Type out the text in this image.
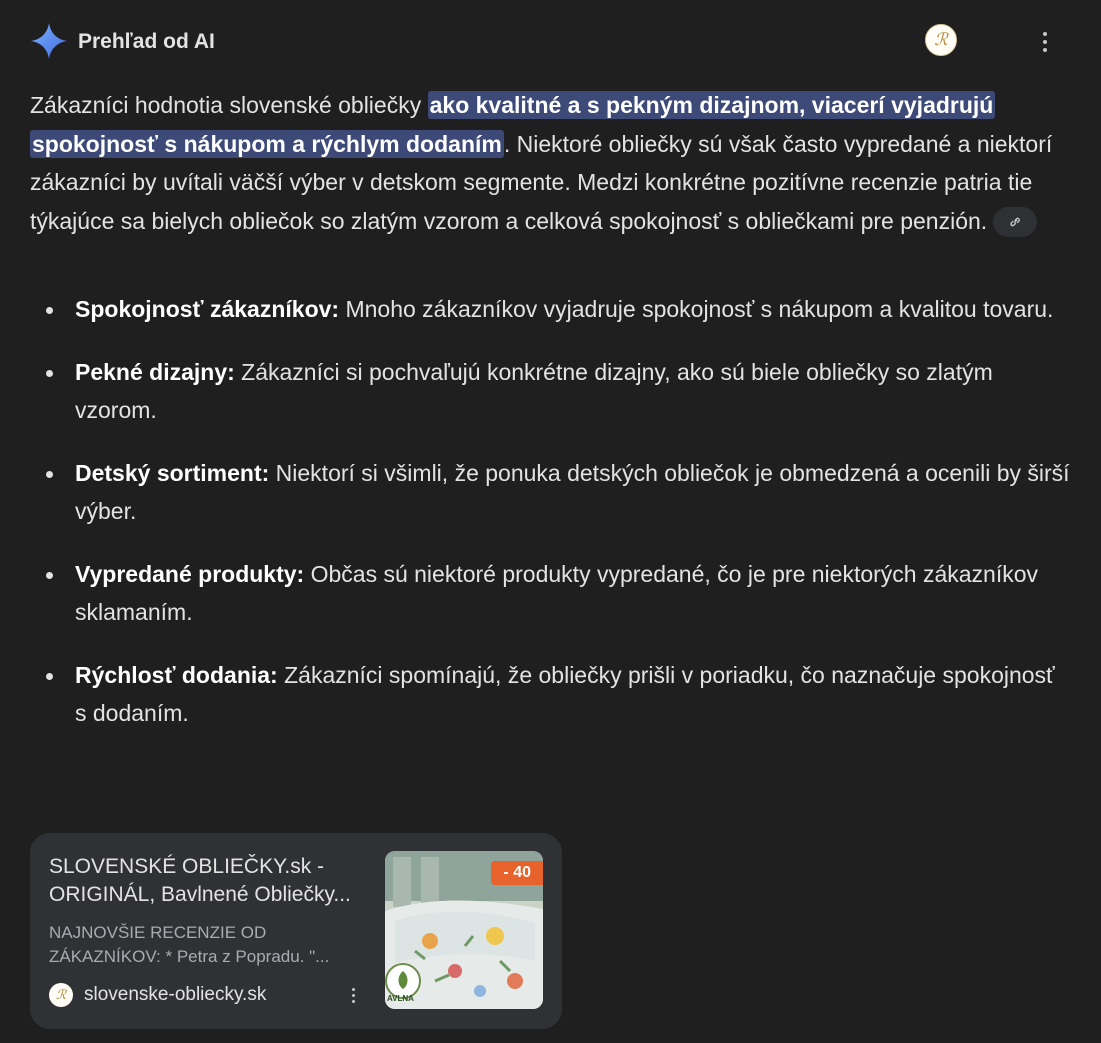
Prehľad od AI	ℛ

Zákazníci hodnotia slovenské obliečky ako kvalitné a s pekným dizajnom, viacerí vyjadrujú spokojnosť s nákupom a rýchlym dodaním. Niektoré obliečky sú však často vypredané a niektorí zákazníci by uvítali väčší výber v detskom segmente. Medzi konkrétne pozitívne recenzie patria tie týkajúce sa bielych obliečok so zlatým vzorom a celková spokojnosť s obliečkami pre penzión.

Spokojnosť zákazníkov: Mnoho zákazníkov vyjadruje spokojnosť s nákupom a kvalitou tovaru.
Pekné dizajny: Zákazníci si pochvaľujú konkrétne dizajny, ako sú biele obliečky so zlatým vzorom.
Detský sortiment: Niektorí si všimli, že ponuka detských obliečok je obmedzená a ocenili by širší výber.
Vypredané produkty: Občas sú niektoré produkty vypredané, čo je pre niektorých zákazníkov sklamaním.
Rýchlosť dodania: Zákazníci spomínajú, že obliečky prišli v poriadku, čo naznačuje spokojnosť s dodaním.
SLOVENSKÉ OBLIEČKY.sk - ORIGINÁL, Bavlnené Obliečky...
NAJNOVŠIE RECENZIE OD ZÁKAZNÍKOV: * Petra z Popradu. "...
ℛ slovenske-obliecky.sk
- 40
AVLNA
